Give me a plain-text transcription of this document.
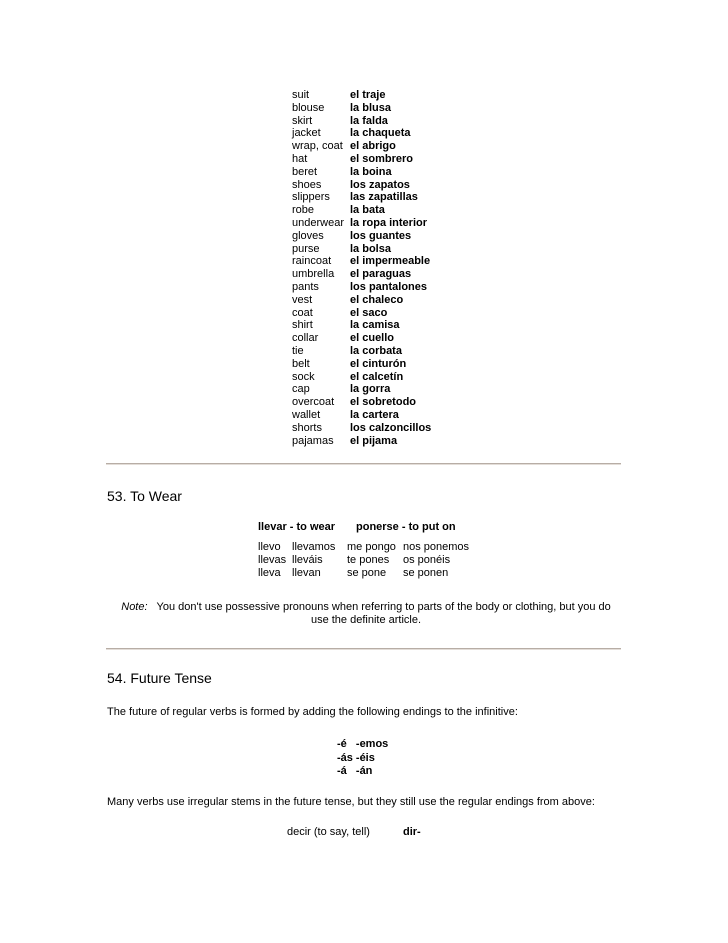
suit	el traje
blouse	la blusa
skirt	la falda
jacket	la chaqueta
wrap, coat	el abrigo
hat	el sombrero
beret	la boina
shoes	los zapatos
slippers	las zapatillas
robe	la bata
underwear	la ropa interior
gloves	los guantes
purse	la bolsa
raincoat	el impermeable
umbrella	el paraguas
pants	los pantalones
vest	el chaleco
coat	el saco
shirt	la camisa
collar	el cuello
tie	la corbata
belt	el cinturón
sock	el calcetín
cap	la gorra
overcoat	el sobretodo
wallet	la cartera
shorts	los calzoncillos
pajamas	el pijama
53. To Wear
llevar - to wear ponerse - to put on
llevo	llevamos	me pongo	nos ponemos
llevas	lleváis	te pones	os ponéis
lleva	llevan	se pone	se ponen
Note: You don't use possessive pronouns when referring to parts of the body or clothing, but you do use the definite article.
54. Future Tense
The future of regular verbs is formed by adding the following endings to the infinitive:
-é	-emos
-ás	-éis
-á	-án
Many verbs use irregular stems in the future tense, but they still use the regular endings from above:
decir (to say, tell)	dir-
